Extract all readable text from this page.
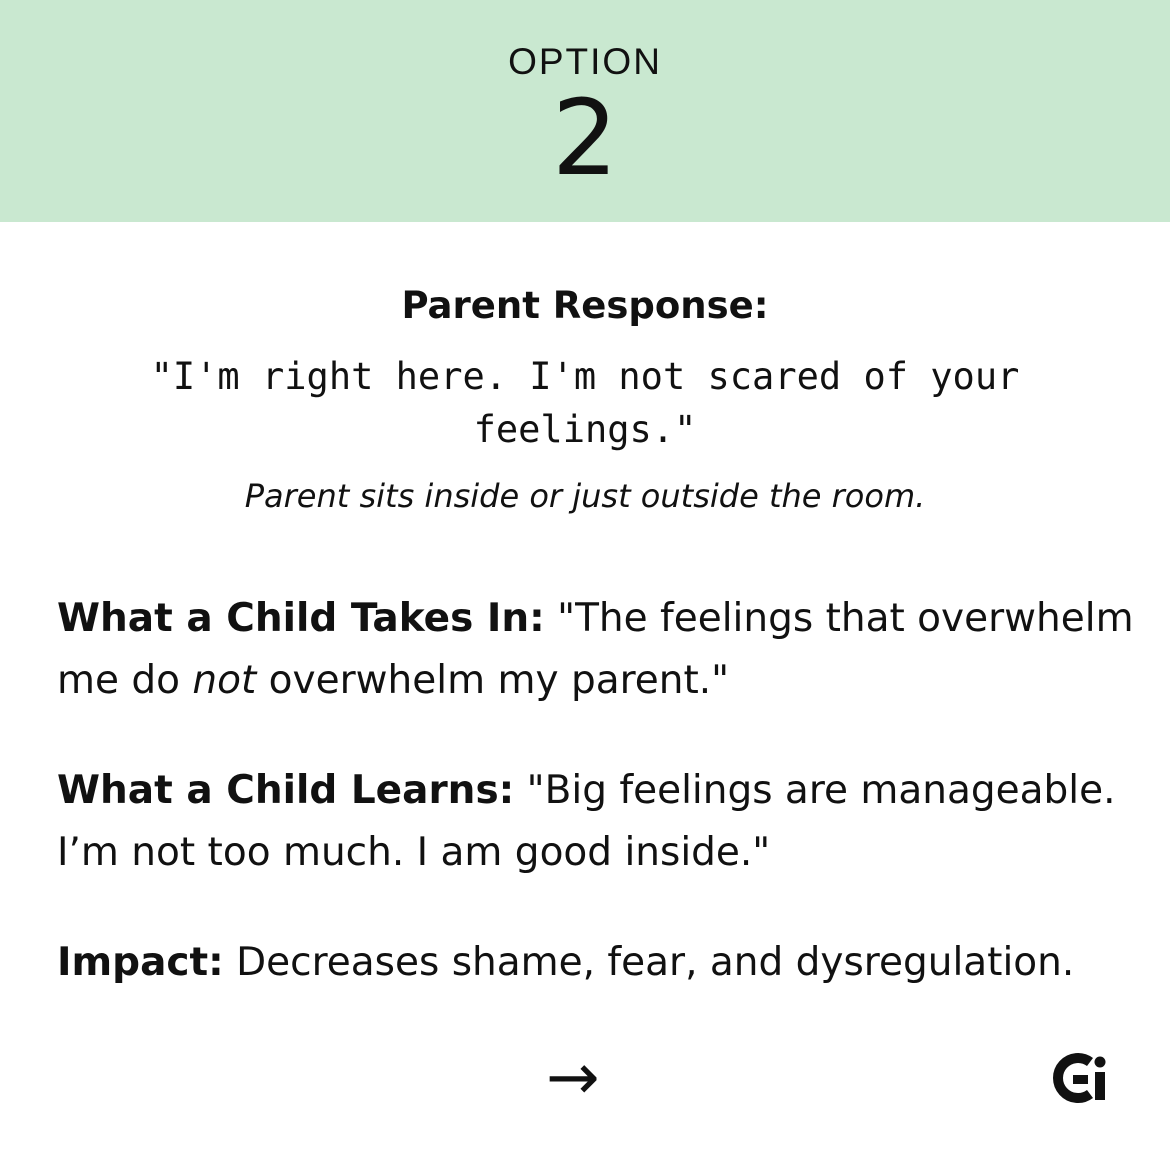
OPTION
2
Parent Response:
"I'm right here. I'm not scared of your feelings."
Parent sits inside or just outside the room.
What a Child Takes In: "The feelings that overwhelm me do not overwhelm my parent."
What a Child Learns: "Big feelings are manageable. I’m not too much. I am good inside."
Impact: Decreases shame, fear, and dysregulation.
→
